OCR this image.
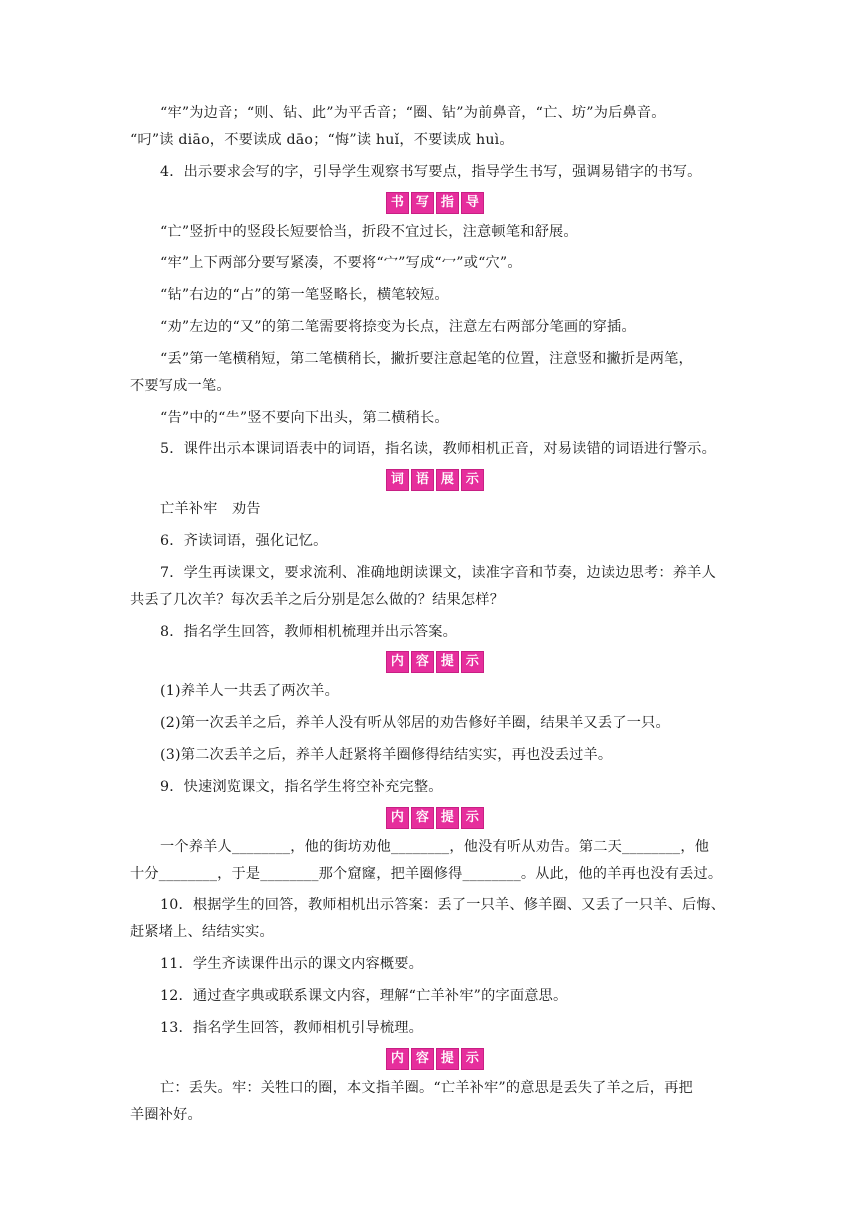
“牢”为边音；“则、钻、此”为平舌音；“圈、钻”为前鼻音，“亡、坊”为后鼻音。

“叼”读 diāo，不要读成 dāo；“悔”读 huǐ，不要读成 huì。

4．出示要求会写的字，引导学生观察书写要点，指导学生书写，强调易错字的书写。

书 写 指 导

“亡”竖折中的竖段长短要恰当，折段不宜过长，注意顿笔和舒展。

“牢”上下两部分要写紧凑，不要将“宀”写成“冖”或“穴”。

“钻”右边的“占”的第一笔竖略长，横笔较短。

“劝”左边的“又”的第二笔需要将捺变为长点，注意左右两部分笔画的穿插。

“丢”第一笔横稍短，第二笔横稍长，撇折要注意起笔的位置，注意竖和撇折是两笔，

不要写成一笔。

“告”中的“⺧”竖不要向下出头，第二横稍长。

5．课件出示本课词语表中的词语，指名读，教师相机正音，对易读错的词语进行警示。

词 语 展 示

亡羊补牢　劝告

6．齐读词语，强化记忆。

7．学生再读课文，要求流利、准确地朗读课文，读准字音和节奏，边读边思考：养羊人

共丢了几次羊？每次丢羊之后分别是怎么做的？结果怎样？

8．指名学生回答，教师相机梳理并出示答案。

内 容 提 示

(1)养羊人一共丢了两次羊。

(2)第一次丢羊之后，养羊人没有听从邻居的劝告修好羊圈，结果羊又丢了一只。

(3)第二次丢羊之后，养羊人赶紧将羊圈修得结结实实，再也没丢过羊。

9．快速浏览课文，指名学生将空补充完整。

内 容 提 示

一个养羊人________，他的街坊劝他________，他没有听从劝告。第二天________，他

十分________，于是________那个窟窿，把羊圈修得________。从此，他的羊再也没有丢过。

10．根据学生的回答，教师相机出示答案：丢了一只羊、修羊圈、又丢了一只羊、后悔、

赶紧堵上、结结实实。

11．学生齐读课件出示的课文内容概要。

12．通过查字典或联系课文内容，理解“亡羊补牢”的字面意思。

13．指名学生回答，教师相机引导梳理。

内 容 提 示

亡：丢失。牢：关牲口的圈，本文指羊圈。“亡羊补牢”的意思是丢失了羊之后，再把

羊圈补好。
